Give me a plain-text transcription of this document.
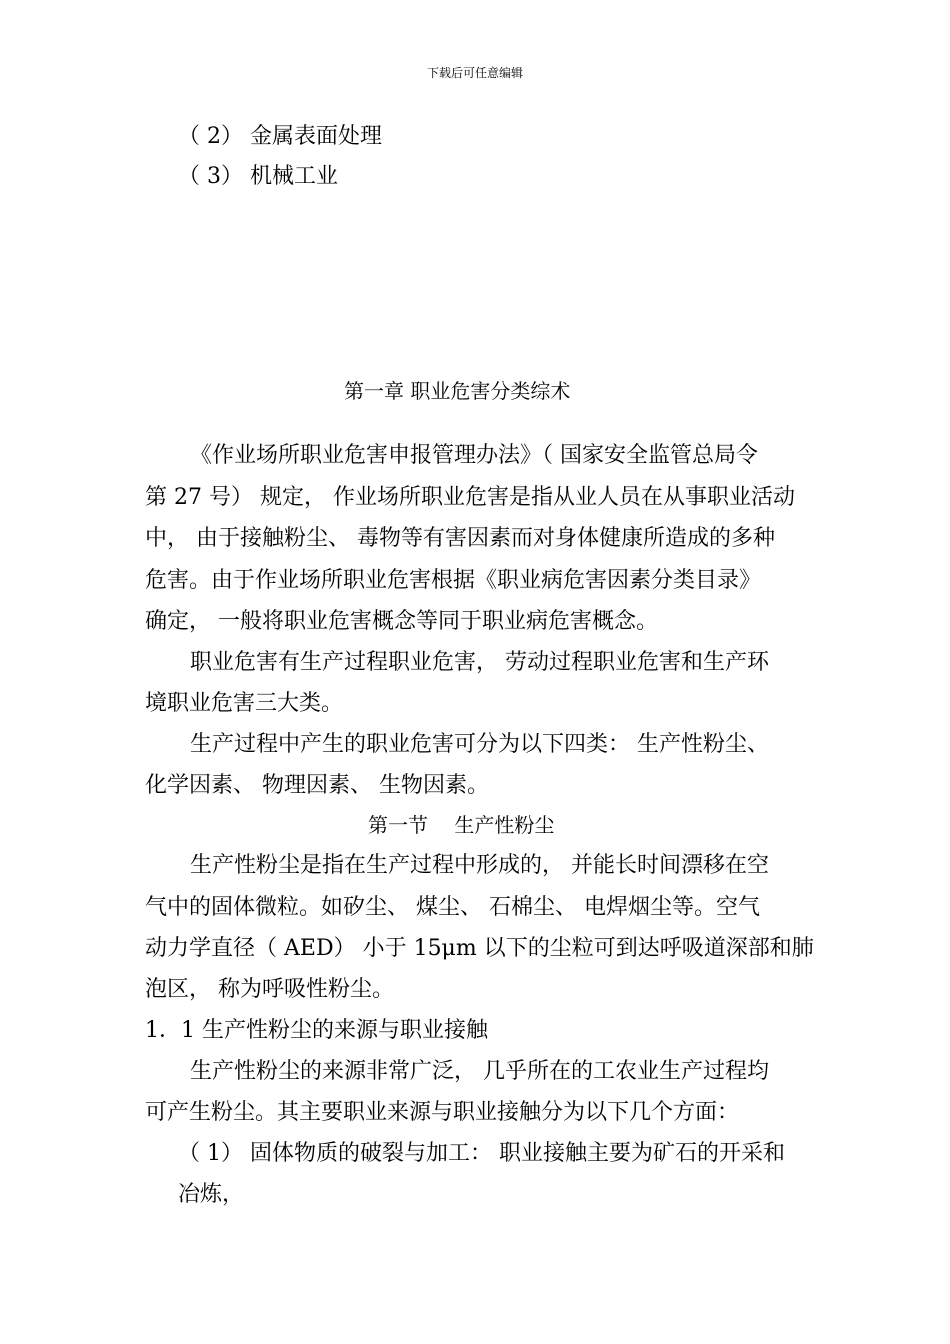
下载后可任意编辑
（ 2） 金属表面处理
（ 3） 机械工业
第一章 职业危害分类综术
《作业场所职业危害申报管理办法》（ 国家安全监管总局令
第 27 号） 规定， 作业场所职业危害是指从业人员在从事职业活动
中， 由于接触粉尘、 毒物等有害因素而对身体健康所造成的多种
危害。由于作业场所职业危害根据《职业病危害因素分类目录》
确定， 一般将职业危害概念等同于职业病危害概念。
职业危害有生产过程职业危害， 劳动过程职业危害和生产环
境职业危害三大类。
生产过程中产生的职业危害可分为以下四类： 生产性粉尘、
化学因素、 物理因素、 生物因素。
第一节　 生产性粉尘
生产性粉尘是指在生产过程中形成的， 并能长时间漂移在空
气中的固体微粒。如矽尘、 煤尘、 石棉尘、 电焊烟尘等。空气
动力学直径（ AED） 小于 15μm 以下的尘粒可到达呼吸道深部和肺
泡区， 称为呼吸性粉尘。
1．1 生产性粉尘的来源与职业接触
生产性粉尘的来源非常广泛， 几乎所在的工农业生产过程均
可产生粉尘。其主要职业来源与职业接触分为以下几个方面：
（ 1） 固体物质的破裂与加工： 职业接触主要为矿石的开采和
冶炼，
